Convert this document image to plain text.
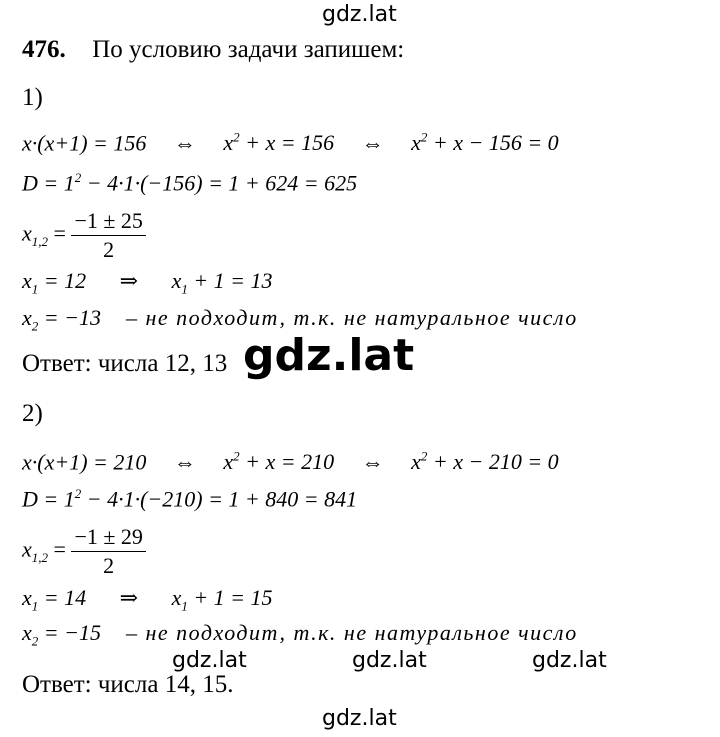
gdz.lat
476. По условию задачи запишем:
1)
x·(x+1) = 156 ⇔ $x^2 + x = 156$ ⇔ $x^2 + x - 156 = 0$
$D = 1^2 - 4\cdot 1\cdot(-156) = 1 + 624 = 625$
$x_{1,2} = \frac{-1 \pm 25}{2}$
$x_1 = 12$ ⇒ $x_1 + 1 = 13$
$x_2 = -13$ – не подходит, т.к. не натуральное число
Ответ: числа 12, 13 gdz.lat
2)
x·(x+1) = 210 ⇔ $x^2 + x = 210$ ⇔ $x^2 + x - 210 = 0$
$D = 1^2 - 4\cdot 1\cdot(-210) = 1 + 840 = 841$
$x_{1,2} = \frac{-1 \pm 29}{2}$
$x_1 = 14$ ⇒ $x_1 + 1 = 15$
$x_2 = -15$ – не подходит, т.к. не натуральное число
gdz.lat	gdz.lat	gdz.lat
Ответ: числа 14, 15.
gdz.lat
